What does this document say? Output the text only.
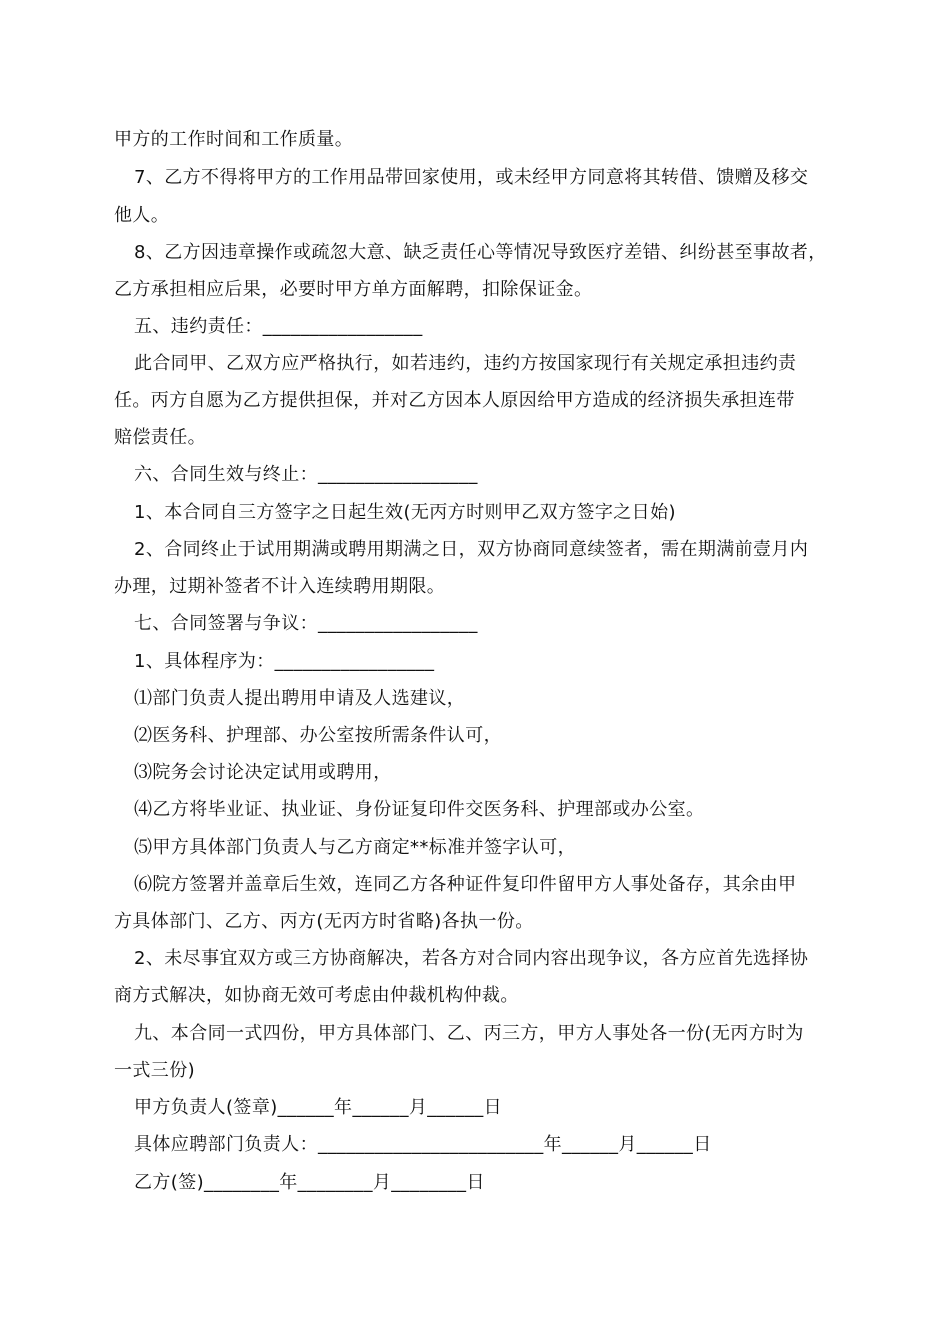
甲方的工作时间和工作质量。
7、乙方不得将甲方的工作用品带回家使用，或未经甲方同意将其转借、馈赠及移交
他人。
8、乙方因违章操作或疏忽大意、缺乏责任心等情况导致医疗差错、纠纷甚至事故者，
乙方承担相应后果，必要时甲方单方面解聘，扣除保证金。
五、违约责任：_________________
此合同甲、乙双方应严格执行，如若违约，违约方按国家现行有关规定承担违约责
任。丙方自愿为乙方提供担保，并对乙方因本人原因给甲方造成的经济损失承担连带
赔偿责任。
六、合同生效与终止：_________________
1、本合同自三方签字之日起生效(无丙方时则甲乙双方签字之日始)
2、合同终止于试用期满或聘用期满之日，双方协商同意续签者，需在期满前壹月内
办理，过期补签者不计入连续聘用期限。
七、合同签署与争议：_________________
1、具体程序为：_________________
⑴部门负责人提出聘用申请及人选建议，
⑵医务科、护理部、办公室按所需条件认可，
⑶院务会讨论决定试用或聘用，
⑷乙方将毕业证、执业证、身份证复印件交医务科、护理部或办公室。
⑸甲方具体部门负责人与乙方商定**标准并签字认可，
⑹院方签署并盖章后生效，连同乙方各种证件复印件留甲方人事处备存，其余由甲
方具体部门、乙方、丙方(无丙方时省略)各执一份。
2、未尽事宜双方或三方协商解决，若各方对合同内容出现争议，各方应首先选择协
商方式解决，如协商无效可考虑由仲裁机构仲裁。
九、本合同一式四份，甲方具体部门、乙、丙三方，甲方人事处各一份(无丙方时为
一式三份)
甲方负责人(签章)______年______月______日
具体应聘部门负责人：________________________年______月______日
乙方(签)________年________月________日
